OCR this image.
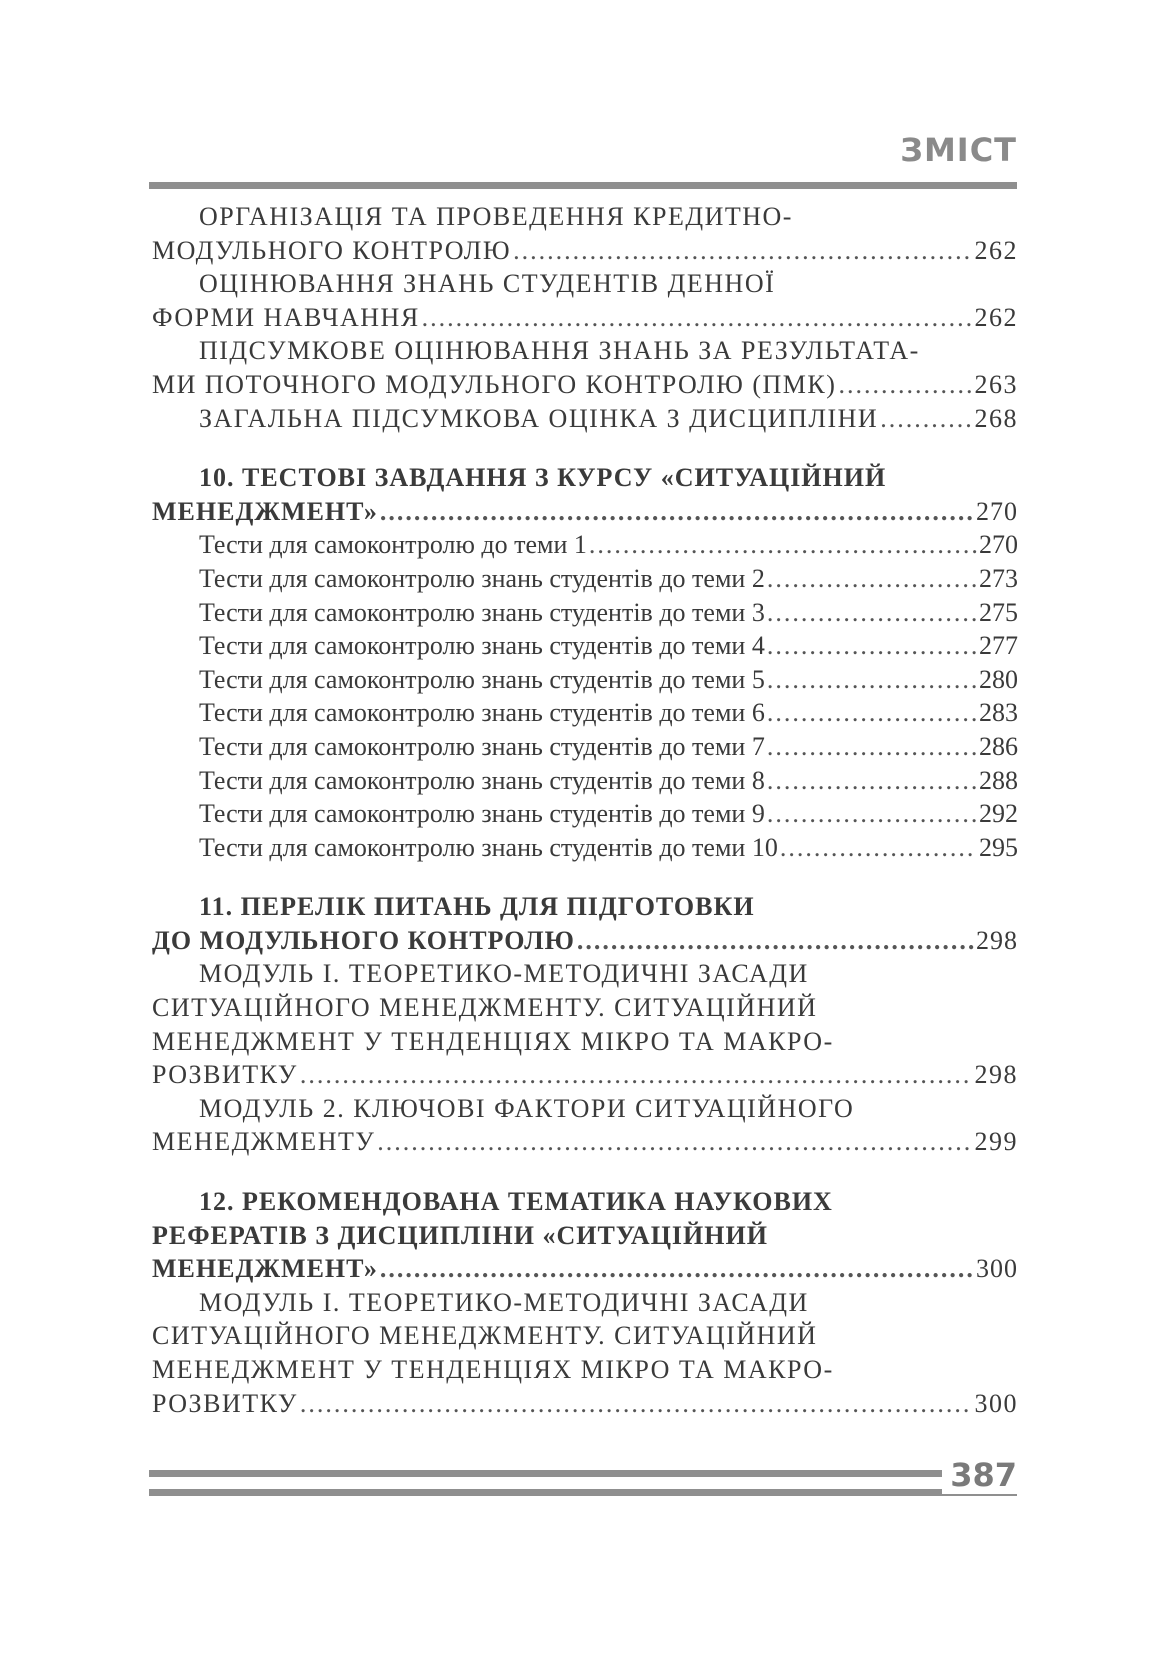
ЗМІСТ
ОРГАНІЗАЦІЯ ТА ПРОВЕДЕННЯ КРЕДИТНО-
МОДУЛЬНОГО КОНТРОЛЮ .....	262
ОЦІНЮВАННЯ ЗНАНЬ СТУДЕНТІВ ДЕННОЇ
ФОРМИ НАВЧАННЯ .....	262
ПІДСУМКОВЕ ОЦІНЮВАННЯ ЗНАНЬ ЗА РЕЗУЛЬТАТА-
МИ ПОТОЧНОГО МОДУЛЬНОГО КОНТРОЛЮ (ПМК) .....	263
ЗАГАЛЬНА ПІДСУМКОВА ОЦІНКА З ДИСЦИПЛІНИ .....	268
10. ТЕСТОВІ ЗАВДАННЯ З КУРСУ «СИТУАЦІЙНИЙ
МЕНЕДЖМЕНТ» .....	270
Тести для самоконтролю до теми 1 .....	270
Тести для самоконтролю знань студентів до теми 2 .....	273
Тести для самоконтролю знань студентів до теми 3 .....	275
Тести для самоконтролю знань студентів до теми 4 .....	277
Тести для самоконтролю знань студентів до теми 5 .....	280
Тести для самоконтролю знань студентів до теми 6 .....	283
Тести для самоконтролю знань студентів до теми 7 .....	286
Тести для самоконтролю знань студентів до теми 8 .....	288
Тести для самоконтролю знань студентів до теми 9 .....	292
Тести для самоконтролю знань студентів до теми 10 .....	295
11. ПЕРЕЛІК ПИТАНЬ ДЛЯ ПІДГОТОВКИ
ДО МОДУЛЬНОГО КОНТРОЛЮ .....	298
МОДУЛЬ І. ТЕОРЕТИКО-МЕТОДИЧНІ ЗАСАДИ
СИТУАЦІЙНОГО МЕНЕДЖМЕНТУ. СИТУАЦІЙНИЙ
МЕНЕДЖМЕНТ У ТЕНДЕНЦІЯХ МІКРО ТА МАКРО-
РОЗВИТКУ .....	298
МОДУЛЬ 2. КЛЮЧОВІ ФАКТОРИ СИТУАЦІЙНОГО
МЕНЕДЖМЕНТУ .....	299
12. РЕКОМЕНДОВАНА ТЕМАТИКА НАУКОВИХ
РЕФЕРАТІВ З ДИСЦИПЛІНИ «СИТУАЦІЙНИЙ
МЕНЕДЖМЕНТ» .....	300
МОДУЛЬ І. ТЕОРЕТИКО-МЕТОДИЧНІ ЗАСАДИ
СИТУАЦІЙНОГО МЕНЕДЖМЕНТУ. СИТУАЦІЙНИЙ
МЕНЕДЖМЕНТ У ТЕНДЕНЦІЯХ МІКРО ТА МАКРО-
РОЗВИТКУ .....	300
387
